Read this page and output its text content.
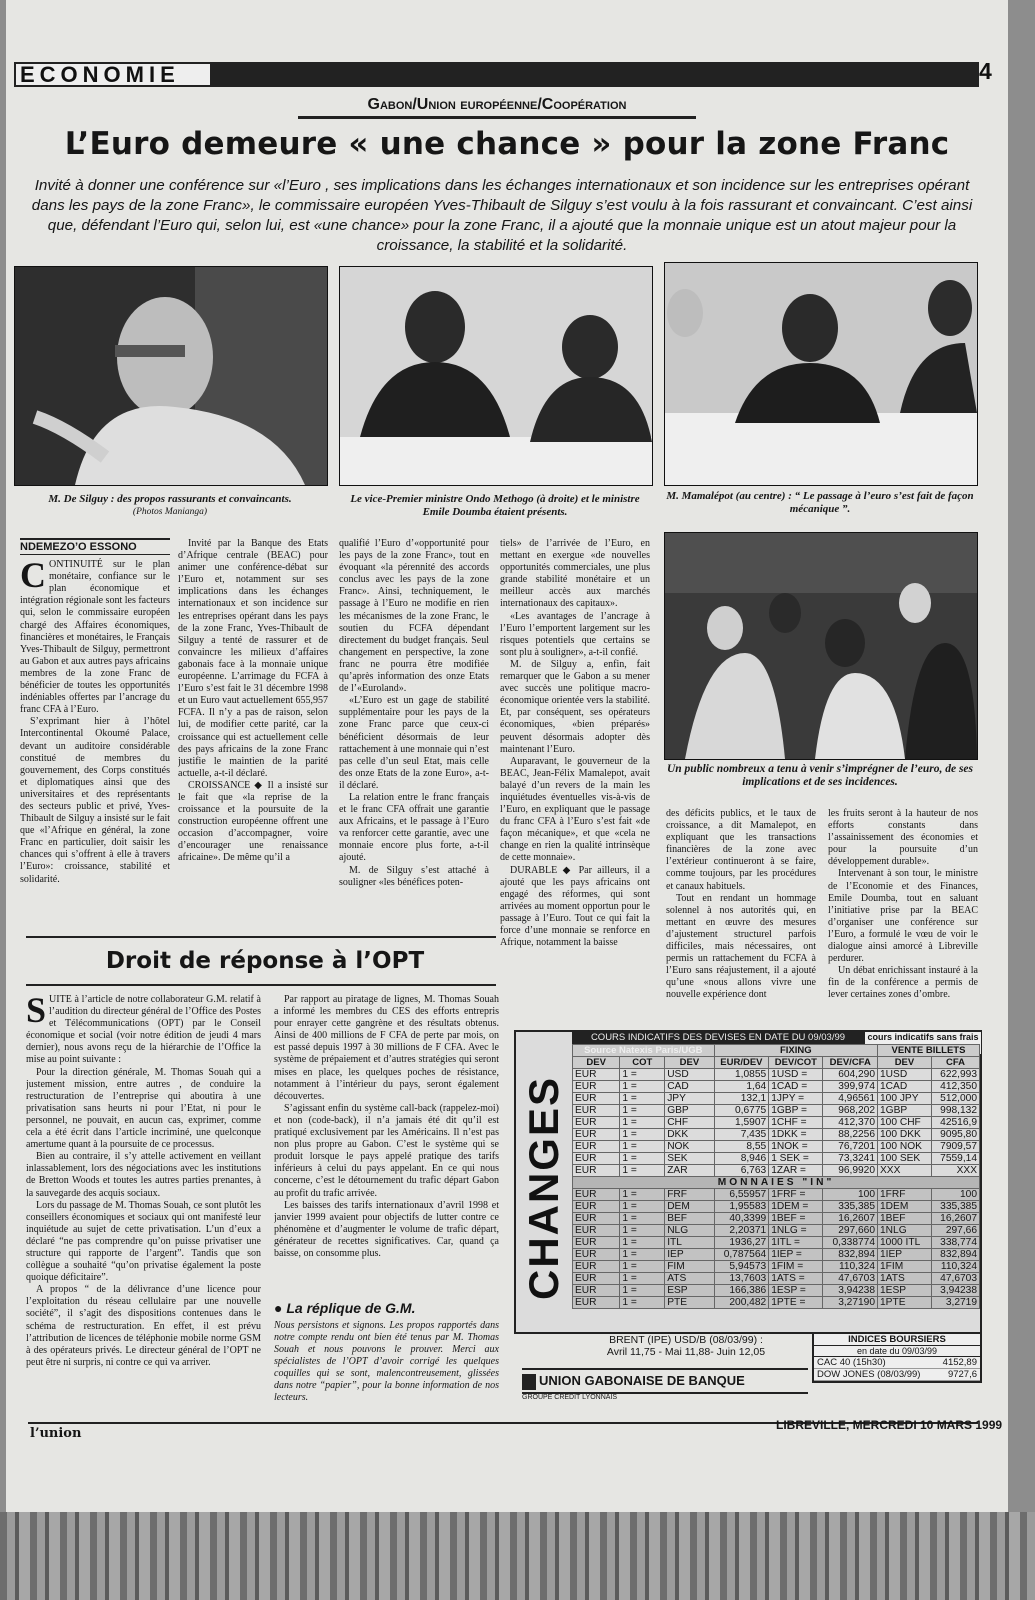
ECONOMIE	4
Gabon/Union européenne/Coopération
L’Euro demeure « une chance » pour la zone Franc
Invité à donner une conférence sur «l’Euro , ses implications dans les échanges internationaux et son incidence sur les entreprises opérant dans les pays de la zone Franc», le commissaire européen Yves-Thibault de Silguy s’est voulu à la fois rassurant et convaincant. C’est ainsi que, défendant l’Euro qui, selon lui, est «une chance» pour la zone Franc, il a ajouté que la monnaie unique est un atout majeur pour la croissance, la stabilité et la solidarité.
M. De Silguy : des propos rassurants et convaincants.
(Photos Manianga)
Le vice-Premier ministre Ondo Methogo (à droite) et le ministre Emile Doumba étaient présents.
M. Mamalépot (au centre) : “ Le passage à l’euro s’est fait de façon mécanique ”.
Un public nombreux a tenu à venir s’imprégner de l’euro, de ses implications et de ses incidences.

NDEMEZO’O ESSONO

CONTINUITÉ sur le plan monétaire, confiance sur le plan économique et intégration régionale sont les facteurs qui, selon le commissaire européen chargé des Affaires économiques, financières et monétaires, le Français Yves-Thibault de Silguy, permettront au Gabon et aux autres pays africains membres de la zone Franc de bénéficier de toutes les opportunités indéniables offertes par l’ancrage du franc CFA à l’Euro.

S’exprimant hier à l’hôtel Intercontinental Okoumé Palace, devant un auditoire considérable constitué de membres du gouvernement, des Corps constitués et diplomatiques ainsi que des universitaires et des représentants des secteurs public et privé, Yves-Thibault de Silguy a insisté sur le fait que «l’Afrique en général, la zone Franc en particulier, doit saisir les chances qui s’offrent à elle à travers l’Euro»: croissance, stabilité et solidarité.

Invité par la Banque des Etats d’Afrique centrale (BEAC) pour animer une conférence-débat sur l’Euro et, notamment sur ses implications dans les échanges internationaux et son incidence sur les entreprises opérant dans les pays de la zone Franc, Yves-Thibault de Silguy a tenté de rassurer et de convaincre les milieux d’affaires gabonais face à la monnaie unique européenne. L’arrimage du FCFA à l’Euro s’est fait le 31 décembre 1998 et un Euro vaut actuellement 655,957 FCFA. Il n’y a pas de raison, selon lui, de modifier cette parité, car la croissance qui est actuellement celle des pays africains de la zone Franc justifie le maintien de la parité actuelle, a-t-il déclaré.

CROISSANCE ◆ Il a insisté sur le fait que «la reprise de la croissance et la poursuite de la construction européenne offrent une occasion d’accompagner, voire d’encourager une renaissance africaine». De même qu’il a

qualifié l’Euro d’«opportunité pour les pays de la zone Franc», tout en évoquant «la pérennité des accords conclus avec les pays de la zone Franc». Ainsi, techniquement, le passage à l’Euro ne modifie en rien les mécanismes de la zone Franc, le soutien du FCFA dépendant directement du budget français. Seul changement en perspective, la zone franc ne pourra être modifiée qu’après information des onze Etats de l’«Euroland».

«L’Euro est un gage de stabilité supplémentaire pour les pays de la zone Franc parce que ceux-ci bénéficient désormais de leur rattachement à une monnaie qui n’est pas celle d’un seul Etat, mais celle des onze Etats de la zone Euro», a-t-il déclaré.

La relation entre le franc français et le franc CFA offrait une garantie aux Africains, et le passage à l’Euro va renforcer cette garantie, avec une monnaie encore plus forte, a-t-il ajouté.

M. de Silguy s’est attaché à souligner «les bénéfices poten-

tiels» de l’arrivée de l’Euro, en mettant en exergue «de nouvelles opportunités commerciales, une plus grande stabilité monétaire et un meilleur accès aux marchés internationaux des capitaux».

«Les avantages de l’ancrage à l’Euro l’emportent largement sur les risques potentiels que certains se sont plu à souligner», a-t-il confié.

M. de Silguy a, enfin, fait remarquer que le Gabon a su mener avec succès une politique macro-économique orientée vers la stabilité. Et, par conséquent, ses opérateurs économiques, «bien préparés» peuvent désormais adopter dès maintenant l’Euro.

Auparavant, le gouverneur de la BEAC, Jean-Félix Mamalepot, avait balayé d’un revers de la main les inquiétudes éventuelles vis-à-vis de l’Euro, en expliquant que le passage du franc CFA à l’Euro s’est fait «de façon mécanique», et que «cela ne change en rien la qualité intrinsèque de cette monnaie».

DURABLE ◆ Par ailleurs, il a ajouté que les pays africains ont engagé des réformes, qui sont arrivées au moment opportun pour le passage à l’Euro. Tout ce qui fait la force d’une monnaie se renforce en Afrique, notamment la baisse

des déficits publics, et le taux de croissance, a dit Mamalepot, en expliquant que les transactions financières de la zone avec l’extérieur continueront à se faire, comme toujours, par les procédures et canaux habituels.

Tout en rendant un hommage solennel à nos autorités qui, en mettant en œuvre des mesures d’ajustement structurel parfois difficiles, mais nécessaires, ont permis un rattachement du FCFA à l’Euro sans réajustement, il a ajouté qu’une «nous allons vivre une nouvelle expérience dont

les fruits seront à la hauteur de nos efforts constants dans l’assainissement des économies et pour la poursuite d’un développement durable».

Intervenant à son tour, le ministre de l’Economie et des Finances, Emile Doumba, tout en saluant l’initiative prise par la BEAC d’organiser une conférence sur l’Euro, a formulé le vœu de voir le dialogue ainsi amorcé à Libreville perdurer.

Un débat enrichissant instauré à la fin de la conférence a permis de lever certaines zones d’ombre.

Droit de réponse à l’OPT

SUITE à l’article de notre collaborateur G.M. relatif à l’audition du directeur général de l’Office des Postes et Télécommunications (OPT) par le Conseil économique et social (voir notre édition de jeudi 4 mars dernier), nous avons reçu de la hiérarchie de l’Office la mise au point suivante :

Pour la direction générale, M. Thomas Souah qui a justement mission, entre autres , de conduire la restructuration de l’entreprise qui aboutira à une privatisation sans heurts ni pour l’Etat, ni pour le personnel, ne pouvait, en aucun cas, exprimer, comme cela a été écrit dans l’article incriminé, une quelconque amertume quant à la poursuite de ce processus.

Bien au contraire, il s’y attelle activement en veillant inlassablement, lors des négociations avec les institutions de Bretton Woods et toutes les autres parties prenantes, à la sauvegarde des acquis sociaux.

Lors du passage de M. Thomas Souah, ce sont plutôt les conseillers économiques et sociaux qui ont manifesté leur inquiétude au sujet de cette privatisation. L’un d’eux a déclaré “ne pas comprendre qu’on puisse privatiser une structure qui rapporte de l’argent”. Tandis que son collègue a souhaité “qu’on privatise également la poste quoique déficitaire”.

A propos “ de la délivrance d’une licence pour l’exploitation du réseau cellulaire par une nouvelle société”, il s’agit des dispositions contenues dans le schéma de restructuration. En effet, il est prévu l’attribution de licences de téléphonie mobile norme GSM à des opérateurs privés. Le directeur général de l’OPT ne peut être ni surpris, ni contre ce qui va arriver.

Par rapport au piratage de lignes, M. Thomas Souah a informé les membres du CES des efforts entrepris pour enrayer cette gangrène et des résultats obtenus. Ainsi de 400 millions de F CFA de perte par mois, on est passé depuis 1997 à 30 millions de F CFA. Avec le système de prépaiement et d’autres stratégies qui seront mises en place, les quelques poches de résistance, notamment à l’intérieur du pays, seront également découvertes.

S’agissant enfin du système call-back (rappelez-moi) et non (code-back), il n’a jamais été dit qu’il est pratiqué exclusivement par les Américains. Il n’est pas non plus propre au Gabon. C’est le système qui se produit lorsque le pays appelé pratique des tarifs inférieurs à celui du pays appelant. En ce qui nous concerne, c’est le détournement du trafic départ Gabon au profit du trafic arrivée.

Les baisses des tarifs internationaux d’avril 1998 et janvier 1999 avaient pour objectifs de lutter contre ce phénomène et d’augmenter le volume de trafic départ, générateur de recettes significatives. Car, quand ça baisse, on consomme plus.

● La réplique de G.M.
Nous persistons et signons. Les propos rapportés dans notre compte rendu ont bien été tenus par M. Thomas Souah et nous pouvons le prouver. Merci aux spécialistes de l’OPT d’avoir corrigé les quelques coquilles qui se sont, malencontreusement, glissées dans notre “papier”, pour la bonne information de nos lecteurs.
CHANGES
COURS INDICATIFS DES DEVISES EN DATE DU 09/03/99	cours indicatifs sans frais
Source Natexis Paris/UGB			FIXING			VENTE BILLETS	
DEV	COT	DEV	EUR/DEV	DEV/COT	DEV/CFA	DEV	CFA
EUR	1 =	USD	1,0855	1USD =	604,290	1USD	622,993
EUR	1 =	CAD	1,64	1CAD =	399,974	1CAD	412,350
EUR	1 =	JPY	132,1	1JPY =	4,96561	100 JPY	512,000
EUR	1 =	GBP	0,6775	1GBP =	968,202	1GBP	998,132
EUR	1 =	CHF	1,5907	1CHF =	412,370	100 CHF	42516,9
EUR	1 =	DKK	7,435	1DKK =	88,2256	100 DKK	9095,80
EUR	1 =	NOK	8,55	1NOK =	76,7201	100 NOK	7909,57
EUR	1 =	SEK	8,946	1 SEK =	73,3241	100 SEK	7559,14
EUR	1 =	ZAR	6,763	1ZAR =	96,9920	XXX	XXX
MONNAIES "IN"							
EUR	1 =	FRF	6,55957	1FRF =	100	1FRF	100
EUR	1 =	DEM	1,95583	1DEM =	335,385	1DEM	335,385
EUR	1 =	BEF	40,3399	1BEF =	16,2607	1BEF	16,2607
EUR	1 =	NLG	2,20371	1NLG =	297,660	1NLG	297,66
EUR	1 =	ITL	1936,27	1ITL =	0,338774	1000 ITL	338,774
EUR	1 =	IEP	0,787564	1IEP =	832,894	1IEP	832,894
EUR	1 =	FIM	5,94573	1FIM =	110,324	1FIM	110,324
EUR	1 =	ATS	13,7603	1ATS =	47,6703	1ATS	47,6703
EUR	1 =	ESP	166,386	1ESP =	3,94238	1ESP	3,94238
EUR	1 =	PTE	200,482	1PTE =	3,27190	1PTE	3,2719
BRENT (IPE) USD/B (08/03/99) :
Avril 11,75 - Mai 11,88- Juin 12,05
INDICES BOURSIERS
en date du 09/03/99
CAC 40 (15h30)	4152,89
DOW JONES (08/03/99)	9727,6
UNION GABONAISE DE BANQUE
GROUPE CREDIT LYONNAIS
l’union
LIBREVILLE, MERCREDI 10 MARS 1999
